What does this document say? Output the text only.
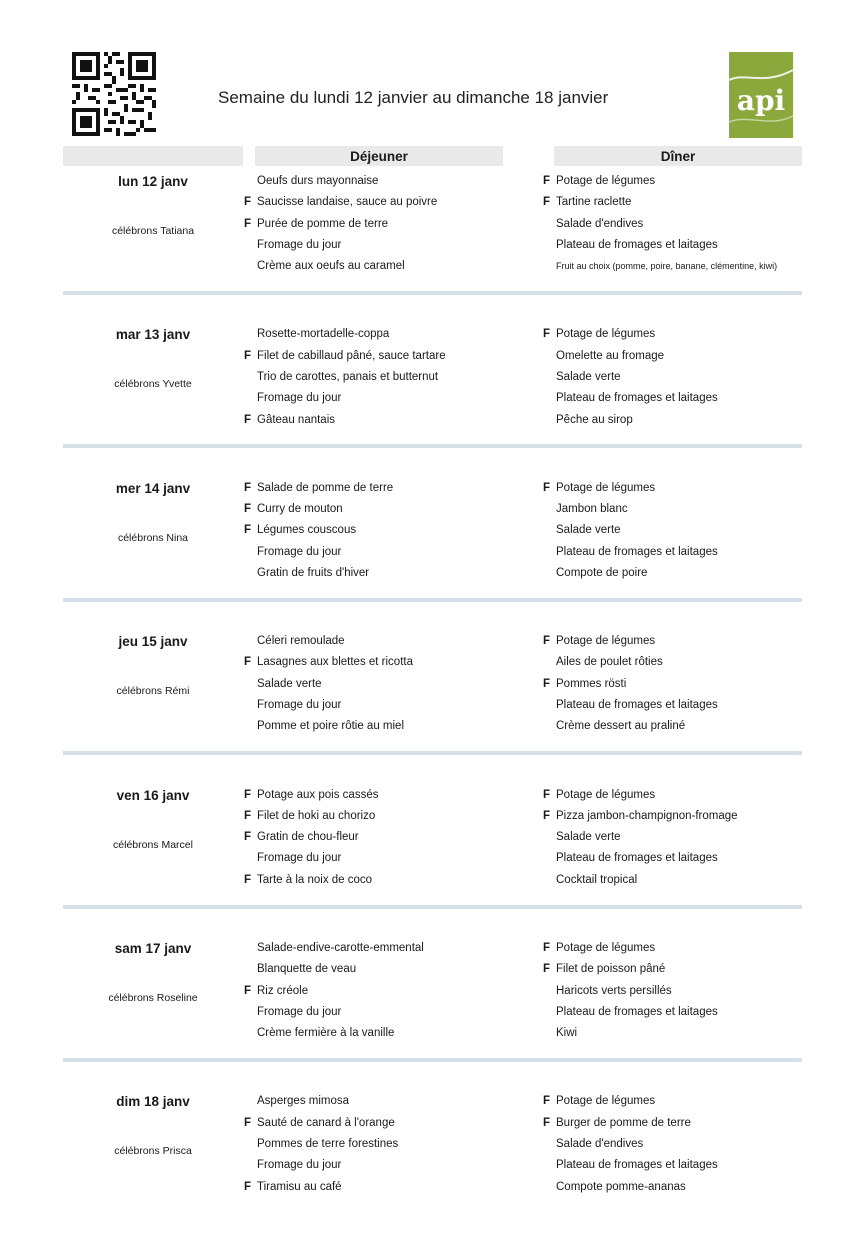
Semaine du lundi 12 janvier au dimanche 18 janvier	api
Déjeuner	Dîner
lun 12 janv
célébrons Tatiana
Oeufs durs mayonnaise
F Saucisse landaise, sauce au poivre
F Purée de pomme de terre
Fromage du jour
Crème aux oeufs au caramel
F Potage de légumes
F Tartine raclette
Salade d'endives
Plateau de fromages et laitages
Fruit au choix (pomme, poire, banane, clémentine, kiwi)
mar 13 janv
célébrons Yvette
Rosette-mortadelle-coppa
F Filet de cabillaud pâné, sauce tartare
Trio de carottes, panais et butternut
Fromage du jour
F Gâteau nantais
F Potage de légumes
Omelette au fromage
Salade verte
Plateau de fromages et laitages
Pêche au sirop
mer 14 janv
célébrons Nina
F Salade de pomme de terre
F Curry de mouton
F Légumes couscous
Fromage du jour
Gratin de fruits d'hiver
F Potage de légumes
Jambon blanc
Salade verte
Plateau de fromages et laitages
Compote de poire
jeu 15 janv
célébrons Rémi
Céleri remoulade
F Lasagnes aux blettes et ricotta
Salade verte
Fromage du jour
Pomme et poire rôtie au miel
F Potage de légumes
Ailes de poulet rôties
F Pommes rösti
Plateau de fromages et laitages
Crème dessert au praliné
ven 16 janv
célébrons Marcel
F Potage aux pois cassés
F Filet de hoki au chorizo
F Gratin de chou-fleur
Fromage du jour
F Tarte à la noix de coco
F Potage de légumes
F Pizza jambon-champignon-fromage
Salade verte
Plateau de fromages et laitages
Cocktail tropical
sam 17 janv
célébrons Roseline
Salade-endive-carotte-emmental
Blanquette de veau
F Riz créole
Fromage du jour
Crème fermière à la vanille
F Potage de légumes
F Filet de poisson pâné
Haricots verts persillés
Plateau de fromages et laitages
Kiwi
dim 18 janv
célébrons Prisca
Asperges mimosa
F Sauté de canard à l'orange
Pommes de terre forestines
Fromage du jour
F Tiramisu au café
F Potage de légumes
F Burger de pomme de terre
Salade d'endives
Plateau de fromages et laitages
Compote pomme-ananas
